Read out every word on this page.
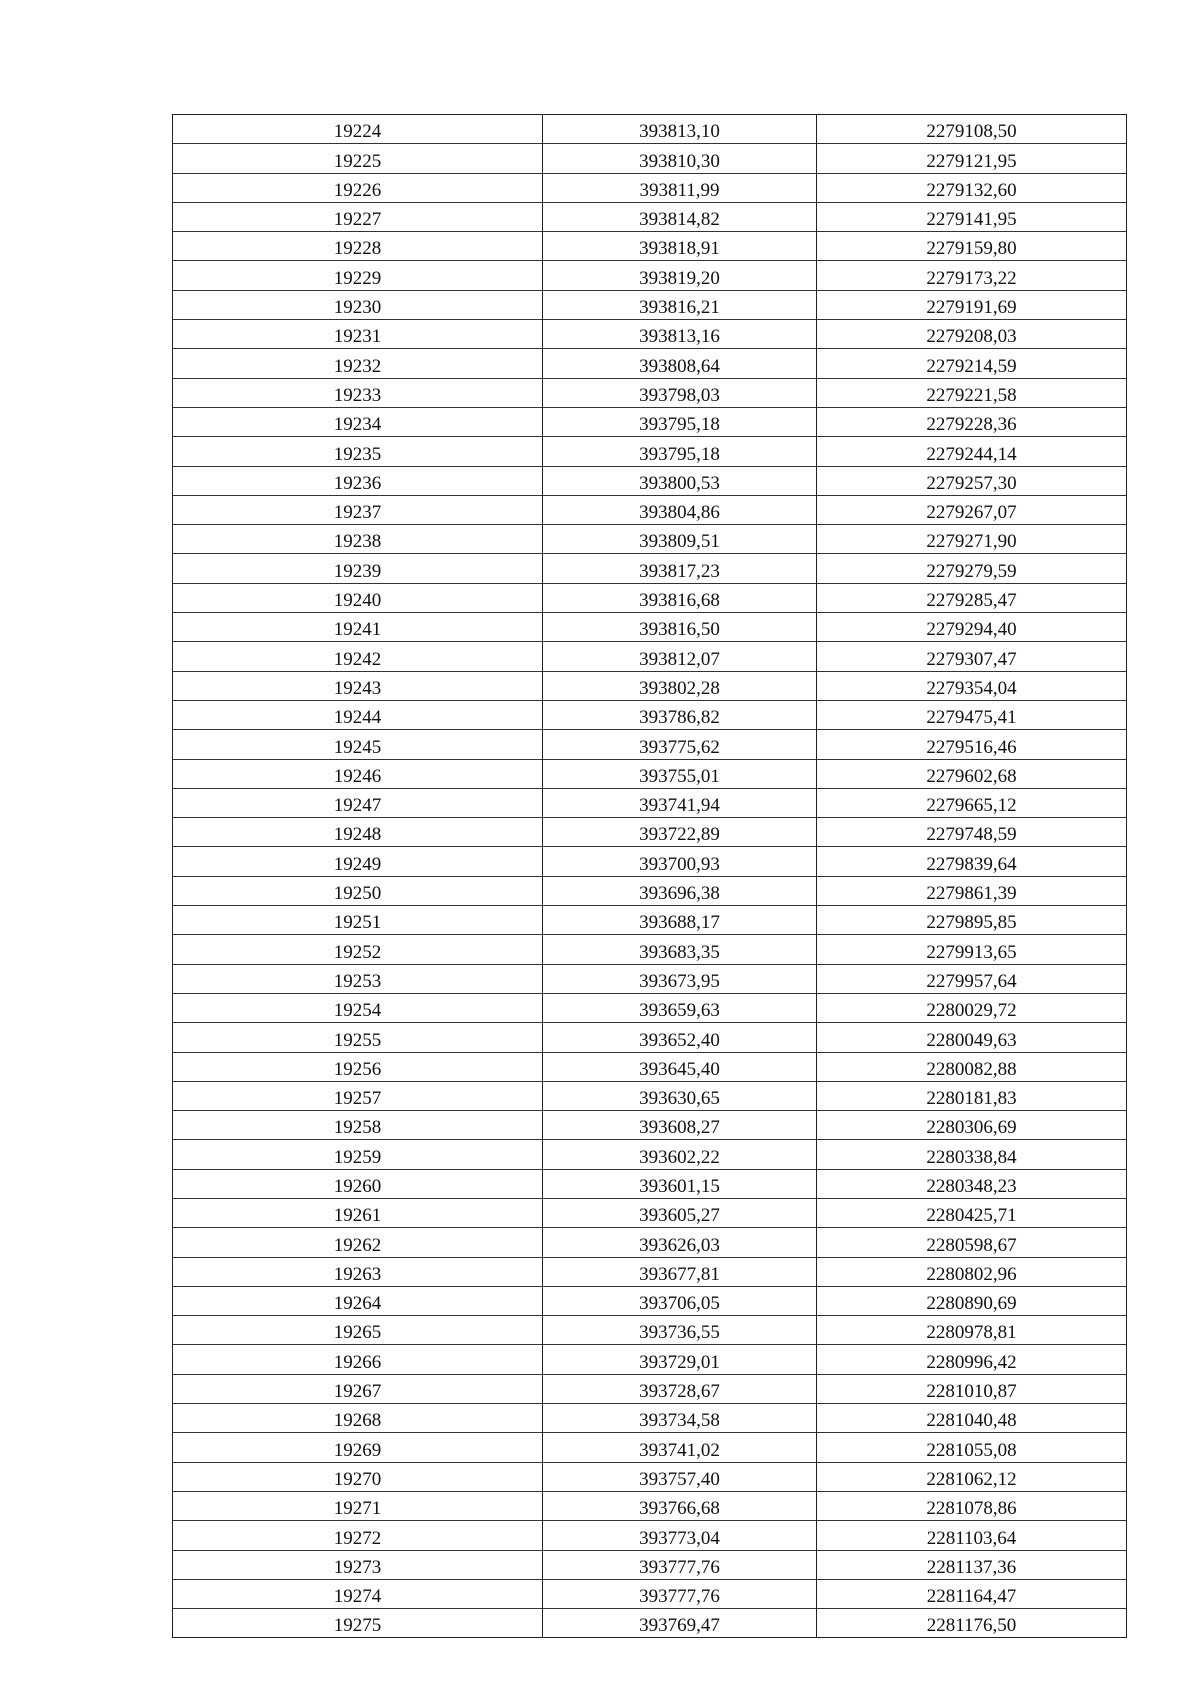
19224	393813,10	2279108,50
19225	393810,30	2279121,95
19226	393811,99	2279132,60
19227	393814,82	2279141,95
19228	393818,91	2279159,80
19229	393819,20	2279173,22
19230	393816,21	2279191,69
19231	393813,16	2279208,03
19232	393808,64	2279214,59
19233	393798,03	2279221,58
19234	393795,18	2279228,36
19235	393795,18	2279244,14
19236	393800,53	2279257,30
19237	393804,86	2279267,07
19238	393809,51	2279271,90
19239	393817,23	2279279,59
19240	393816,68	2279285,47
19241	393816,50	2279294,40
19242	393812,07	2279307,47
19243	393802,28	2279354,04
19244	393786,82	2279475,41
19245	393775,62	2279516,46
19246	393755,01	2279602,68
19247	393741,94	2279665,12
19248	393722,89	2279748,59
19249	393700,93	2279839,64
19250	393696,38	2279861,39
19251	393688,17	2279895,85
19252	393683,35	2279913,65
19253	393673,95	2279957,64
19254	393659,63	2280029,72
19255	393652,40	2280049,63
19256	393645,40	2280082,88
19257	393630,65	2280181,83
19258	393608,27	2280306,69
19259	393602,22	2280338,84
19260	393601,15	2280348,23
19261	393605,27	2280425,71
19262	393626,03	2280598,67
19263	393677,81	2280802,96
19264	393706,05	2280890,69
19265	393736,55	2280978,81
19266	393729,01	2280996,42
19267	393728,67	2281010,87
19268	393734,58	2281040,48
19269	393741,02	2281055,08
19270	393757,40	2281062,12
19271	393766,68	2281078,86
19272	393773,04	2281103,64
19273	393777,76	2281137,36
19274	393777,76	2281164,47
19275	393769,47	2281176,50
